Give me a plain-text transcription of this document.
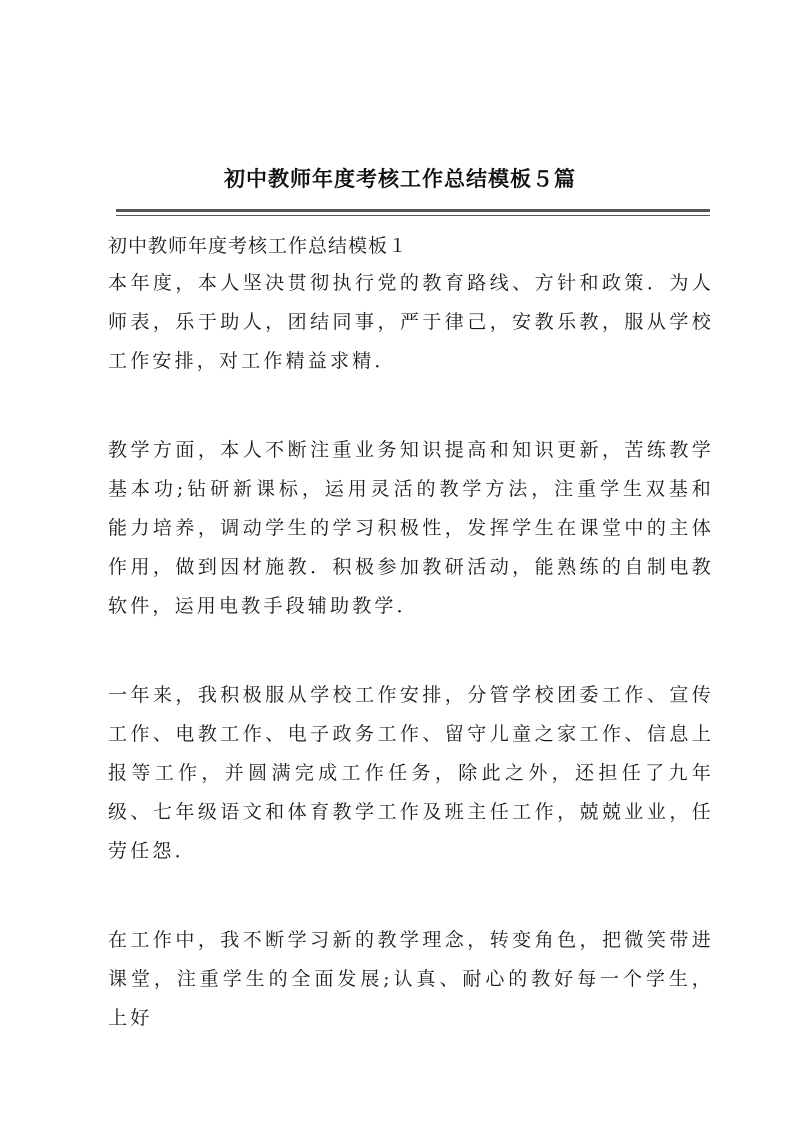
初中教师年度考核工作总结模板５篇

初中教师年度考核工作总结模板１

本年度，本人坚决贯彻执行党的教育路线、方针和政策．为人师表，乐于助人，团结同事，严于律己，安教乐教，服从学校工作安排，对工作精益求精．

教学方面，本人不断注重业务知识提高和知识更新，苦练教学基本功;钻研新课标，运用灵活的教学方法，注重学生双基和能力培养，调动学生的学习积极性，发挥学生在课堂中的主体作用，做到因材施教．积极参加教研活动，能熟练的自制电教软件，运用电教手段辅助教学．

一年来，我积极服从学校工作安排，分管学校团委工作、宣传工作、电教工作、电子政务工作、留守儿童之家工作、信息上报等工作，并圆满完成工作任务，除此之外，还担任了九年级、七年级语文和体育教学工作及班主任工作，兢兢业业，任劳任怨．

在工作中，我不断学习新的教学理念，转变角色，把微笑带进课堂，注重学生的全面发展;认真、耐心的教好每一个学生，上好
